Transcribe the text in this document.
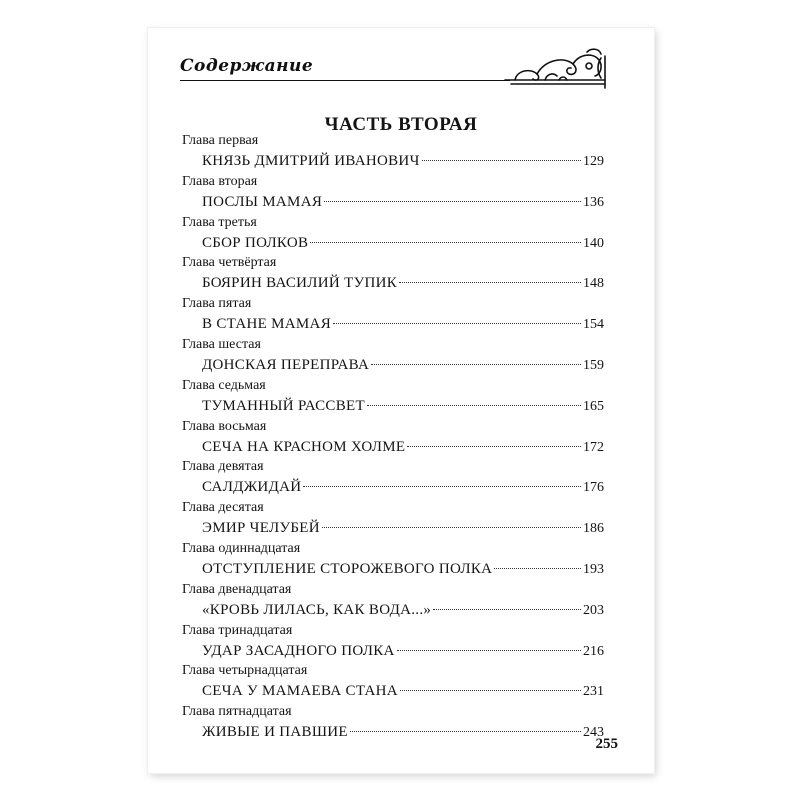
Содержание
ЧАСТЬ ВТОРАЯ
Глава первая
КНЯЗЬ ДМИТРИЙ ИВАНОВИЧ	129
Глава вторая
ПОСЛЫ МАМАЯ	136
Глава третья
СБОР ПОЛКОВ	140
Глава четвёртая
БОЯРИН ВАСИЛИЙ ТУПИК	148
Глава пятая
В СТАНЕ МАМАЯ	154
Глава шестая
ДОНСКАЯ ПЕРЕПРАВА	159
Глава седьмая
ТУМАННЫЙ РАССВЕТ	165
Глава восьмая
СЕЧА НА КРАСНОМ ХОЛМЕ	172
Глава девятая
САЛДЖИДАЙ	176
Глава десятая
ЭМИР ЧЕЛУБЕЙ	186
Глава одиннадцатая
ОТСТУПЛЕНИЕ СТОРОЖЕВОГО ПОЛКА	193
Глава двенадцатая
«КРОВЬ ЛИЛАСЬ, КАК ВОДА...»	203
Глава тринадцатая
УДАР ЗАСАДНОГО ПОЛКА	216
Глава четырнадцатая
СЕЧА У МАМАЕВА СТАНА	231
Глава пятнадцатая
ЖИВЫЕ И ПАВШИЕ	243
255
